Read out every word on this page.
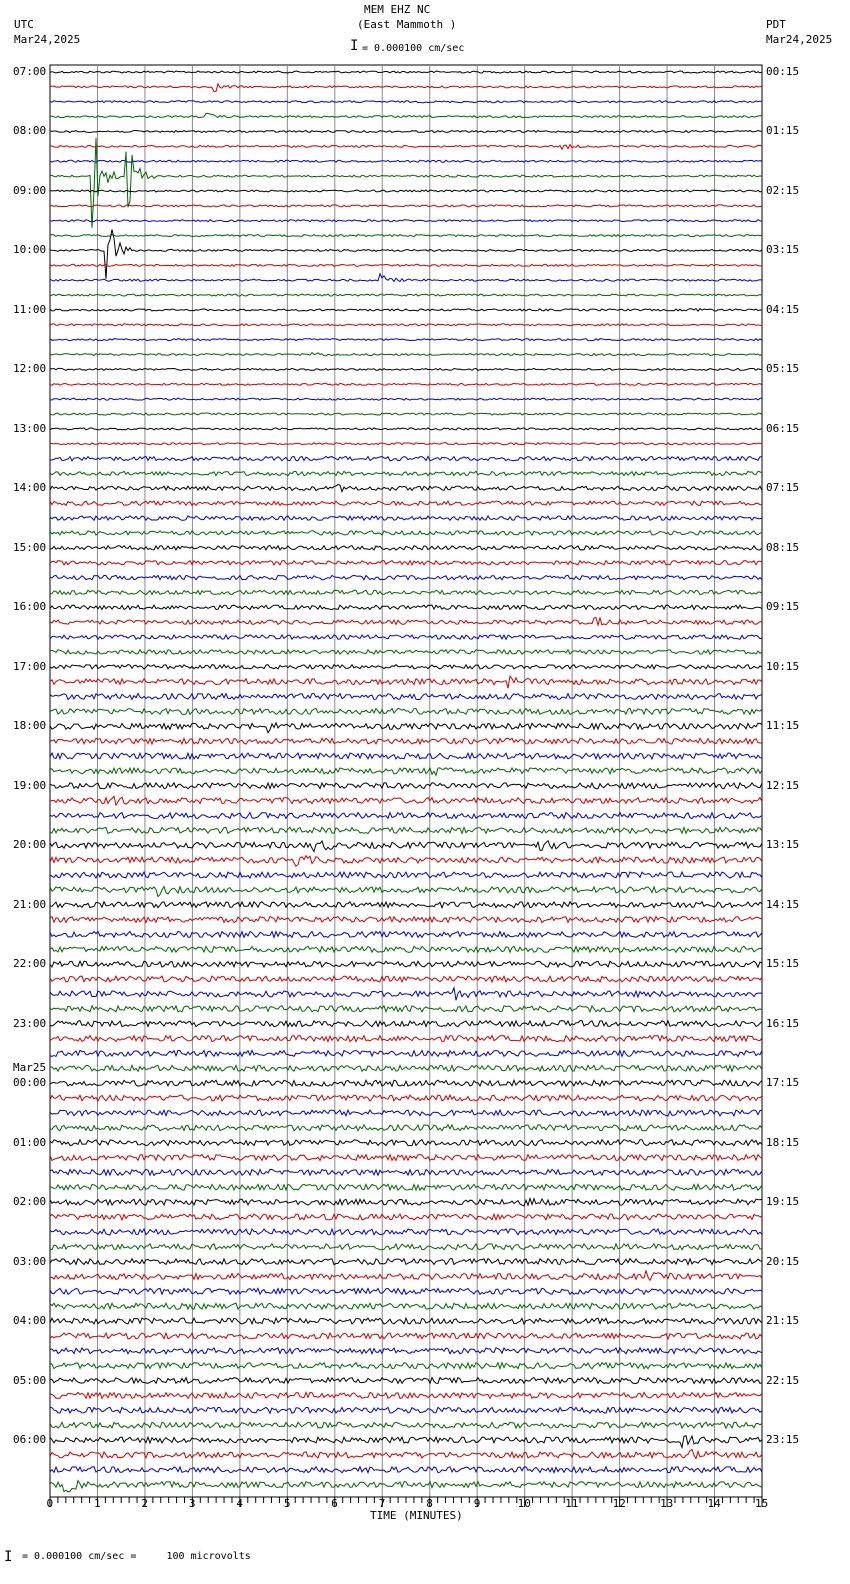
MEM EHZ NC
(East Mammoth )
UTC
Mar24,2025
PDT
Mar24,2025
I = 0.000100 cm/sec
TIME (MINUTES)
I = 0.000100 cm/sec =     100 microvolts
0	1	2	3	4	5	6	7	8	9	10	11	12	13	14	15
07:00	00:15
08:00	01:15
09:00	02:15
10:00	03:15
11:00	04:15
12:00	05:15
13:00	06:15
14:00	07:15
15:00	08:15
16:00	09:15
17:00	10:15
18:00	11:15
19:00	12:15
20:00	13:15
21:00	14:15
22:00	15:15
23:00	16:15
00:00	17:15
01:00	18:15
02:00	19:15
03:00	20:15
04:00	21:15
05:00	22:15
06:00	23:15
Mar25
